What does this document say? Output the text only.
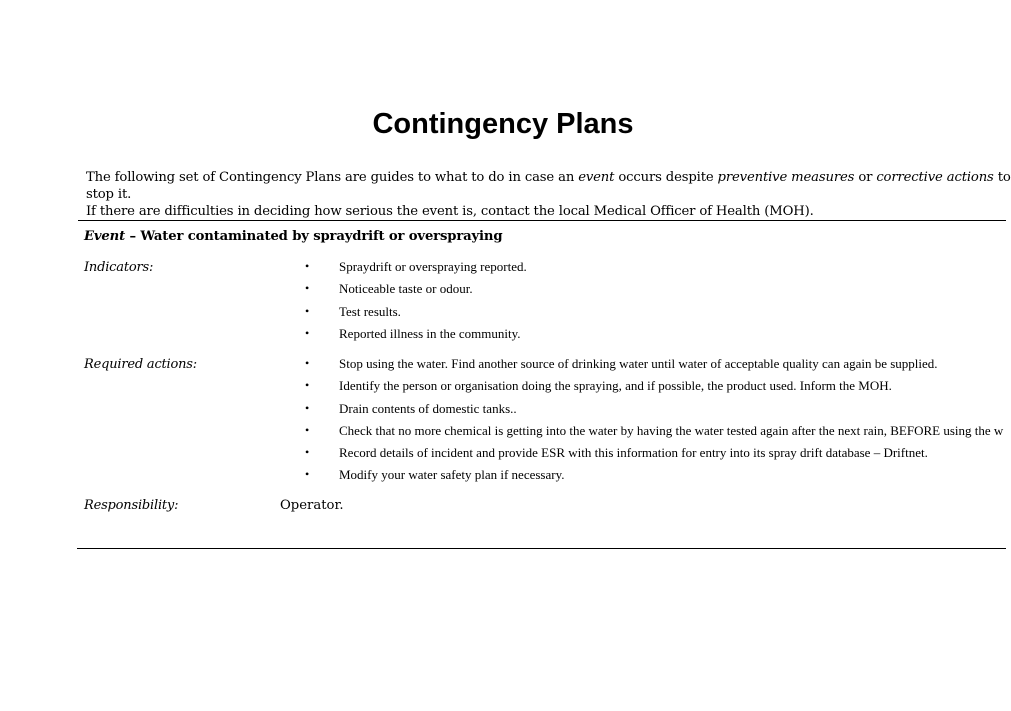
Contingency Plans

The following set of Contingency Plans are guides to what to do in case an event occurs despite preventive measures or corrective actions to

stop it.

If there are difficulties in deciding how serious the event is, contact the local Medical Officer of Health (MOH).

Event – Water contaminated by spraydrift or overspraying
Indicators:	• Spraydrift or overspraying reported.
• Noticeable taste or odour.
• Test results.
• Reported illness in the community.
Required actions:	• Stop using the water. Find another source of drinking water until water of acceptable quality can again be supplied.
• Identify the person or organisation doing the spraying, and if possible, the product used. Inform the MOH.
• Drain contents of domestic tanks..
• Check that no more chemical is getting into the water by having the water tested again after the next rain, BEFORE using the w
• Record details of incident and provide ESR with this information for entry into its spray drift database – Driftnet.
• Modify your water safety plan if necessary.
Responsibility:	Operator.
